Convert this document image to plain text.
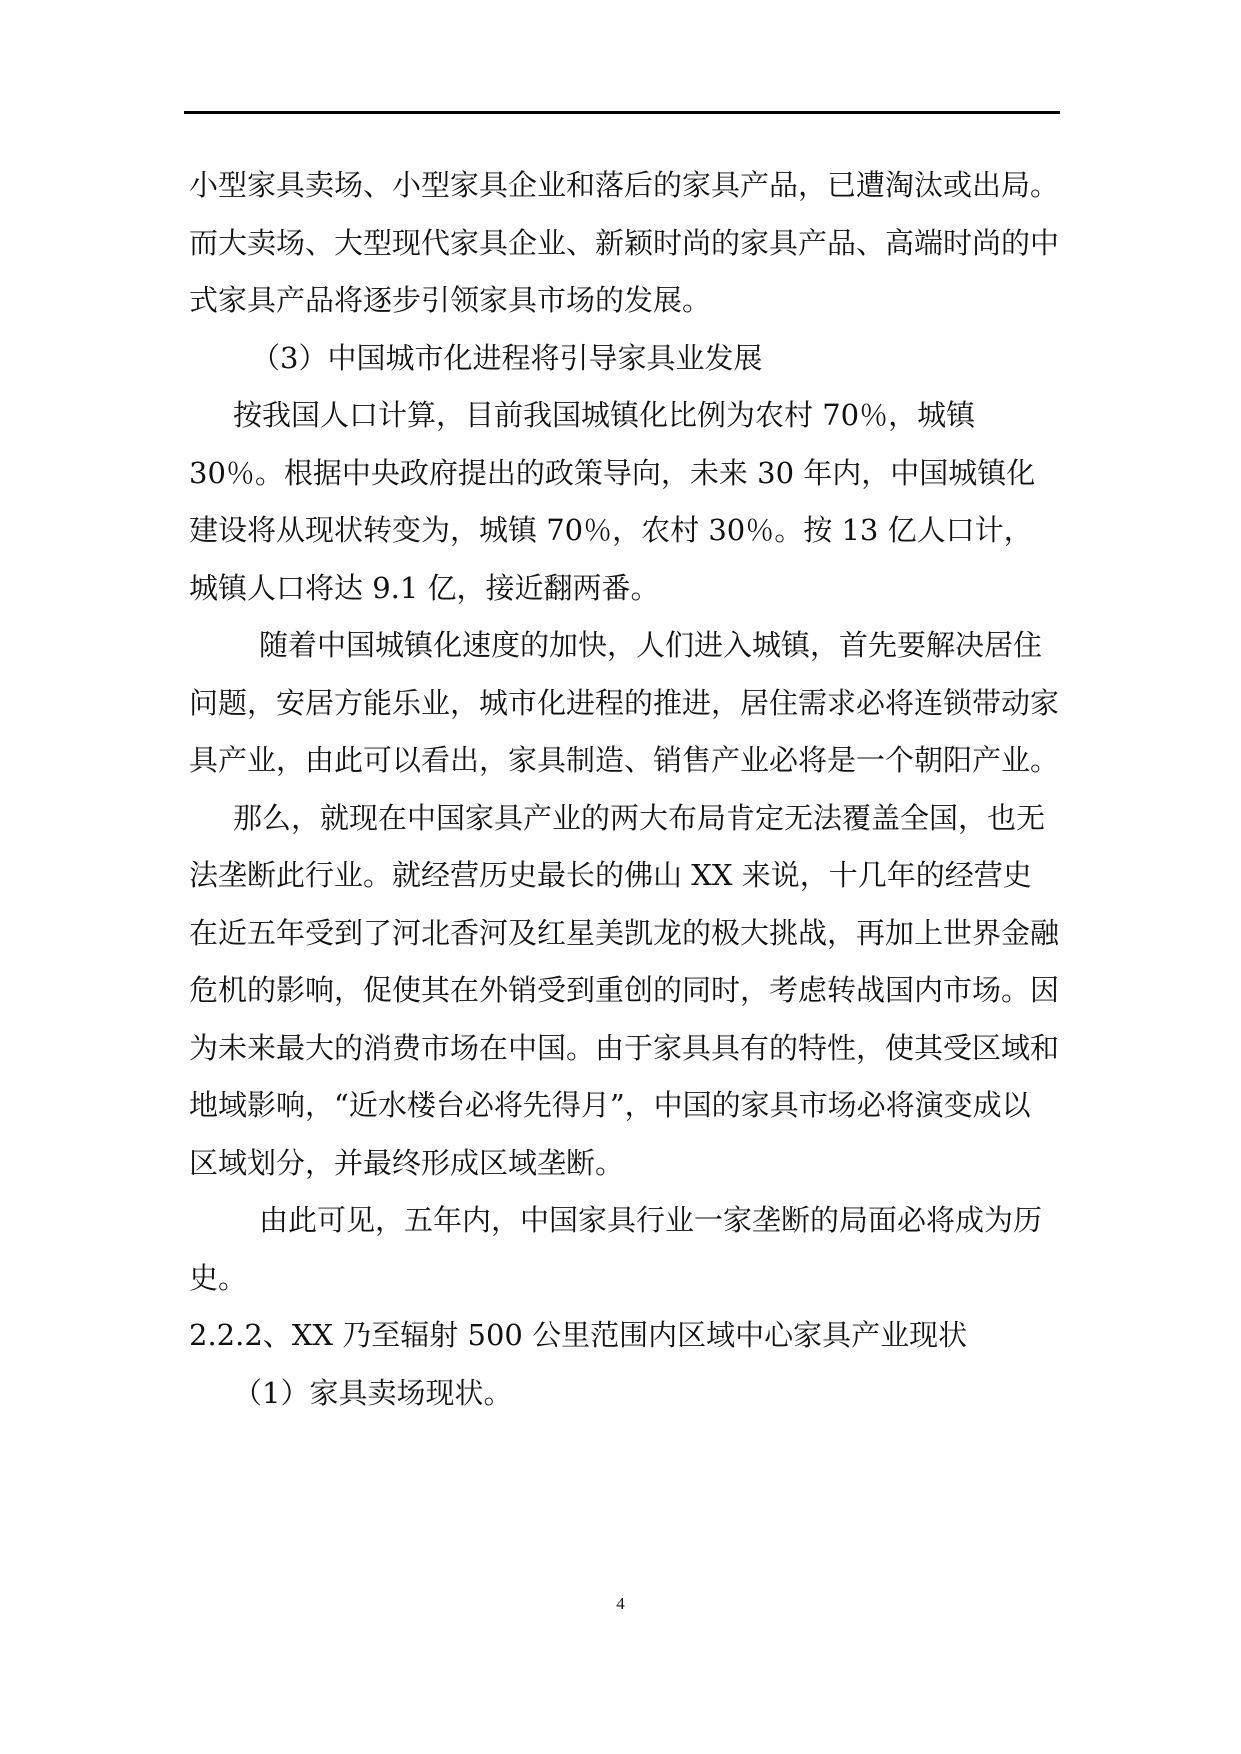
小型家具卖场、小型家具企业和落后的家具产品，已遭淘汰或出局。而大卖场、大型现代家具企业、新颖时尚的家具产品、高端时尚的中式家具产品将逐步引领家具市场的发展。

（3）中国城市化进程将引导家具业发展

按我国人口计算，目前我国城镇化比例为农村 70％，城镇 30％。根据中央政府提出的政策导向，未来 30 年内，中国城镇化建设将从现状转变为，城镇 70％，农村 30％。按 13 亿人口计，城镇人口将达 9.1 亿，接近翻两番。

随着中国城镇化速度的加快，人们进入城镇，首先要解决居住问题，安居方能乐业，城市化进程的推进，居住需求必将连锁带动家具产业，由此可以看出，家具制造、销售产业必将是一个朝阳产业。

那么，就现在中国家具产业的两大布局肯定无法覆盖全国，也无法垄断此行业。就经营历史最长的佛山 XX 来说，十几年的经营史在近五年受到了河北香河及红星美凯龙的极大挑战，再加上世界金融危机的影响，促使其在外销受到重创的同时，考虑转战国内市场。因为未来最大的消费市场在中国。由于家具具有的特性，使其受区域和地域影响，“近水楼台必将先得月”，中国的家具市场必将演变成以区域划分，并最终形成区域垄断。

由此可见，五年内，中国家具行业一家垄断的局面必将成为历史。

2.2.2、XX 乃至辐射 500 公里范围内区域中心家具产业现状

（1）家具卖场现状。

4
